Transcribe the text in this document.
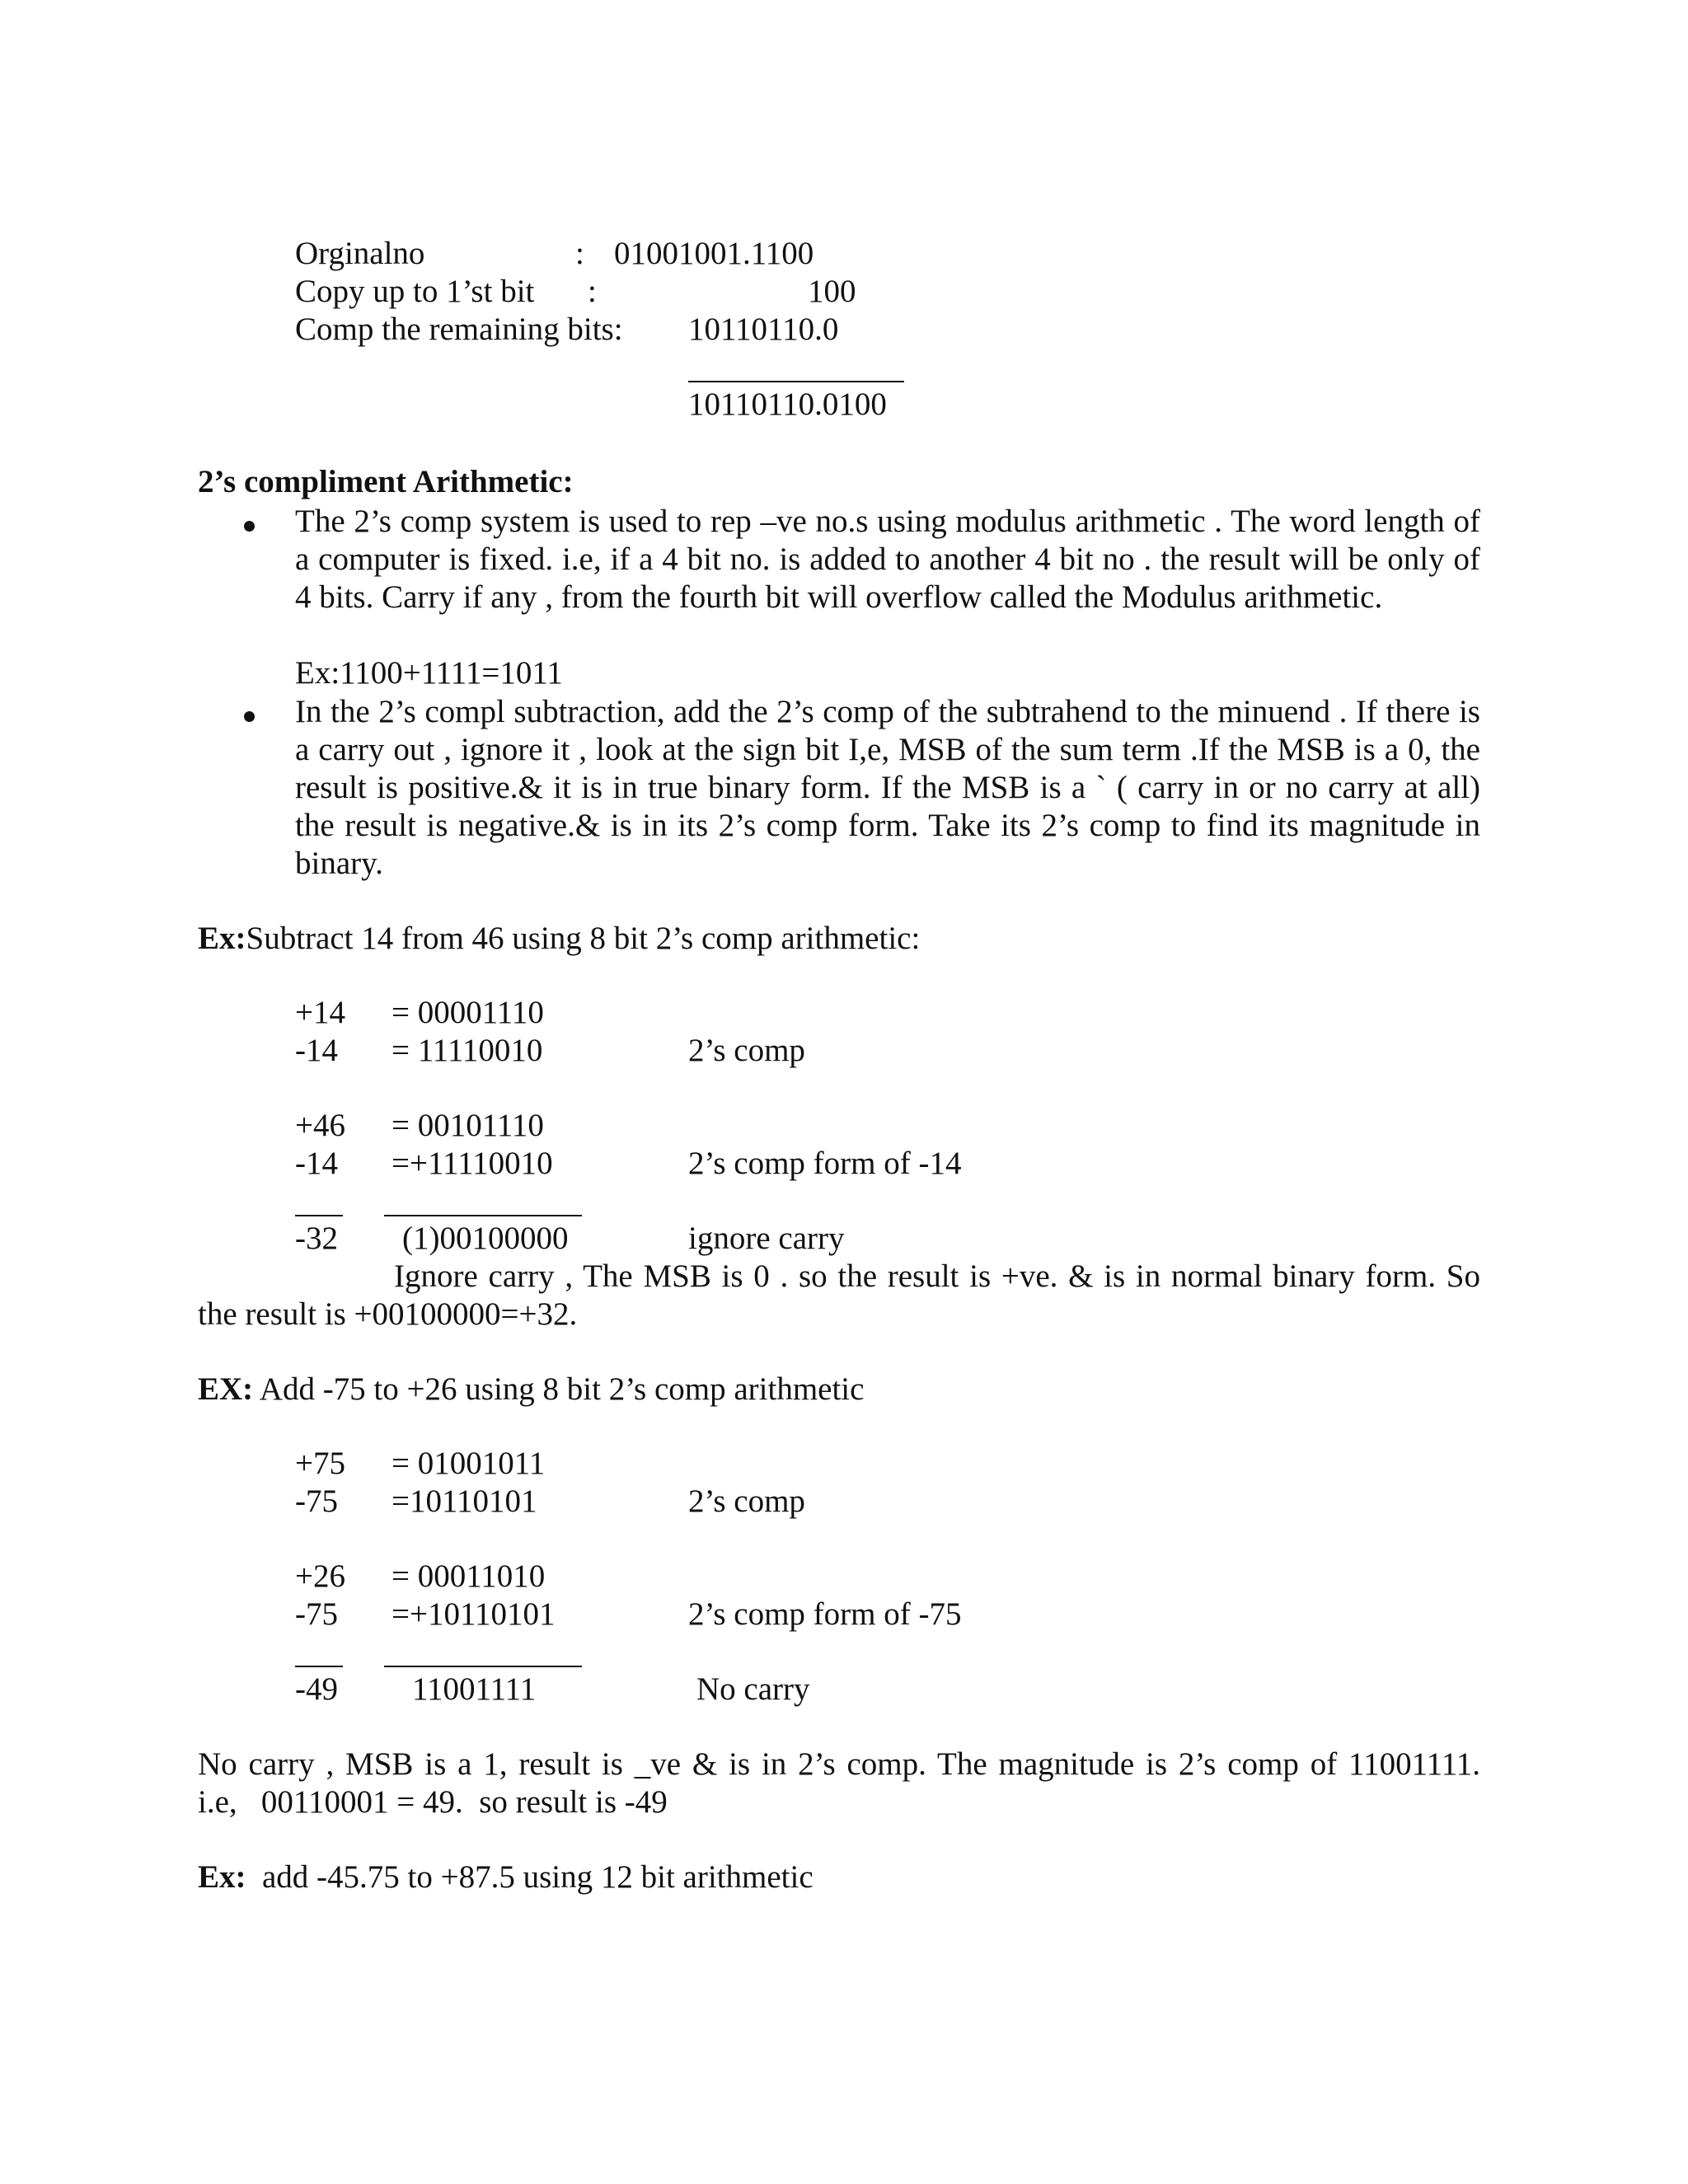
Orginalno	: 01001001.1100
Copy up to 1’st bit :	100
Comp the remaining bits: 10110110.0
10110110.0100
2’s compliment Arithmetic:
The 2’s comp system is used to rep –ve no.s using modulus arithmetic . The word length of a computer is fixed. i.e, if a 4 bit no. is added to another 4 bit no . the result will be only of 4 bits. Carry if any , from the fourth bit will overflow called the Modulus arithmetic.
Ex:1100+1111=1011
In the 2’s compl subtraction, add the 2’s comp of the subtrahend to the minuend . If there is a carry out , ignore it , look at the sign bit I,e, MSB of the sum term .If the MSB is a 0, the result is positive.& it is in true binary form. If the MSB is a ` ( carry in or no carry at all) the result is negative.& is in its 2’s comp form. Take its 2’s comp to find its magnitude in binary.
Ex:Subtract 14 from 46 using 8 bit 2’s comp arithmetic:
+14 = 00001110
-14 = 11110010	2’s comp
+46 = 00101110
-14 =+11110010	2’s comp form of -14
-32 (1)00100000	ignore carry
Ignore carry , The MSB is 0 . so the result is +ve. & is in normal binary form. So
the result is +00100000=+32.
EX: Add -75 to +26 using 8 bit 2’s comp arithmetic
+75 = 01001011
-75 =10110101	2’s comp
+26 = 00011010
-75 =+10110101	2’s comp form of -75
-49 11001111	No carry
No carry , MSB is a 1, result is _ve & is in 2’s comp. The magnitude is 2’s comp of 11001111.
i.e,   00110001 = 49.  so result is -49
Ex: add -45.75 to +87.5 using 12 bit arithmetic
